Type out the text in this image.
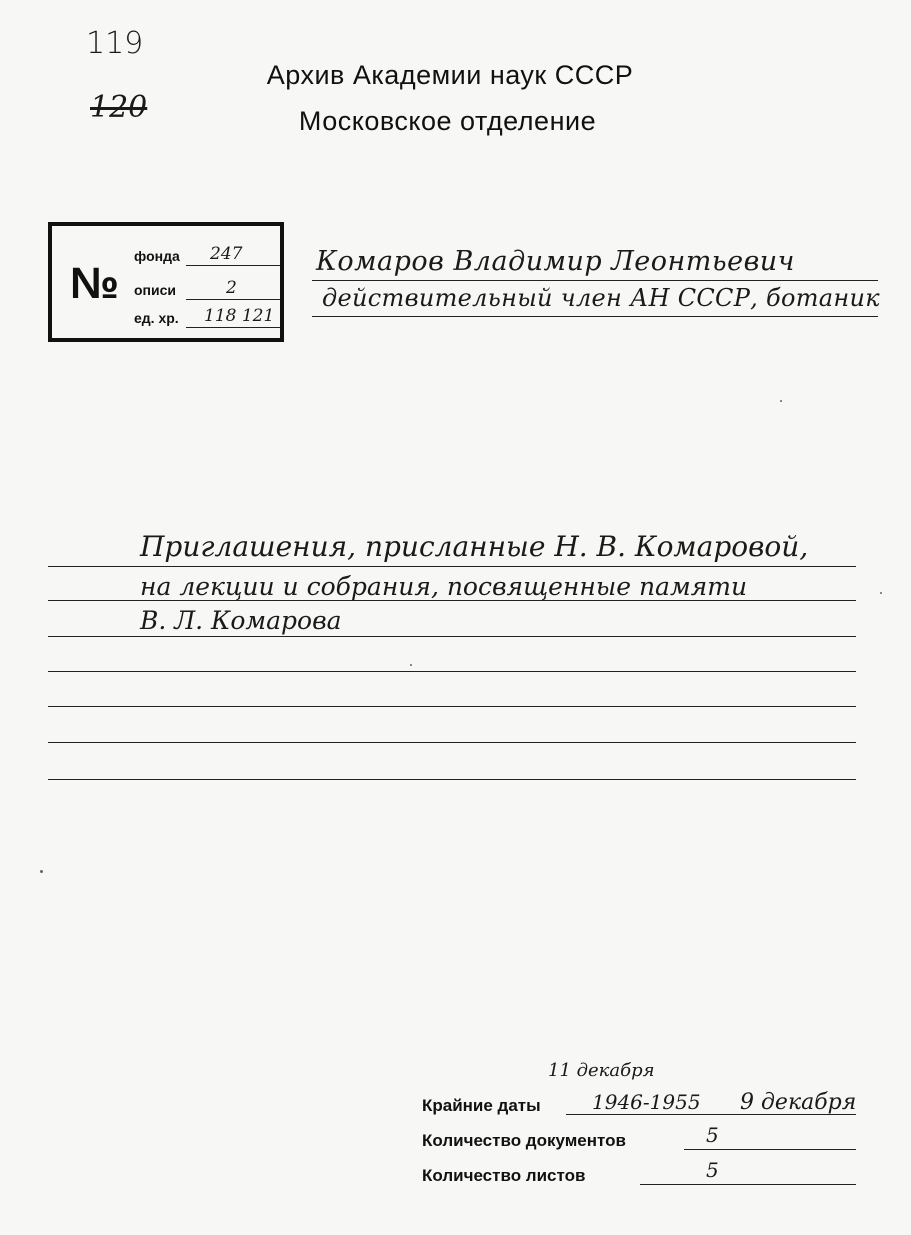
119
120
Архив Академии наук СССР
Московское отделение
№
фонда 247
описи	2
ед. хр. 118 121
Комаров Владимир Леонтьевич
действительный член АН СССР, ботаник
Приглашения, присланные Н. В. Комаровой,
на лекции и собрания, посвященные памяти
В. Л. Комарова
11 декабря
Крайние даты	1946-1955 9 декабря
Количество документов	5
Количество листов	5
